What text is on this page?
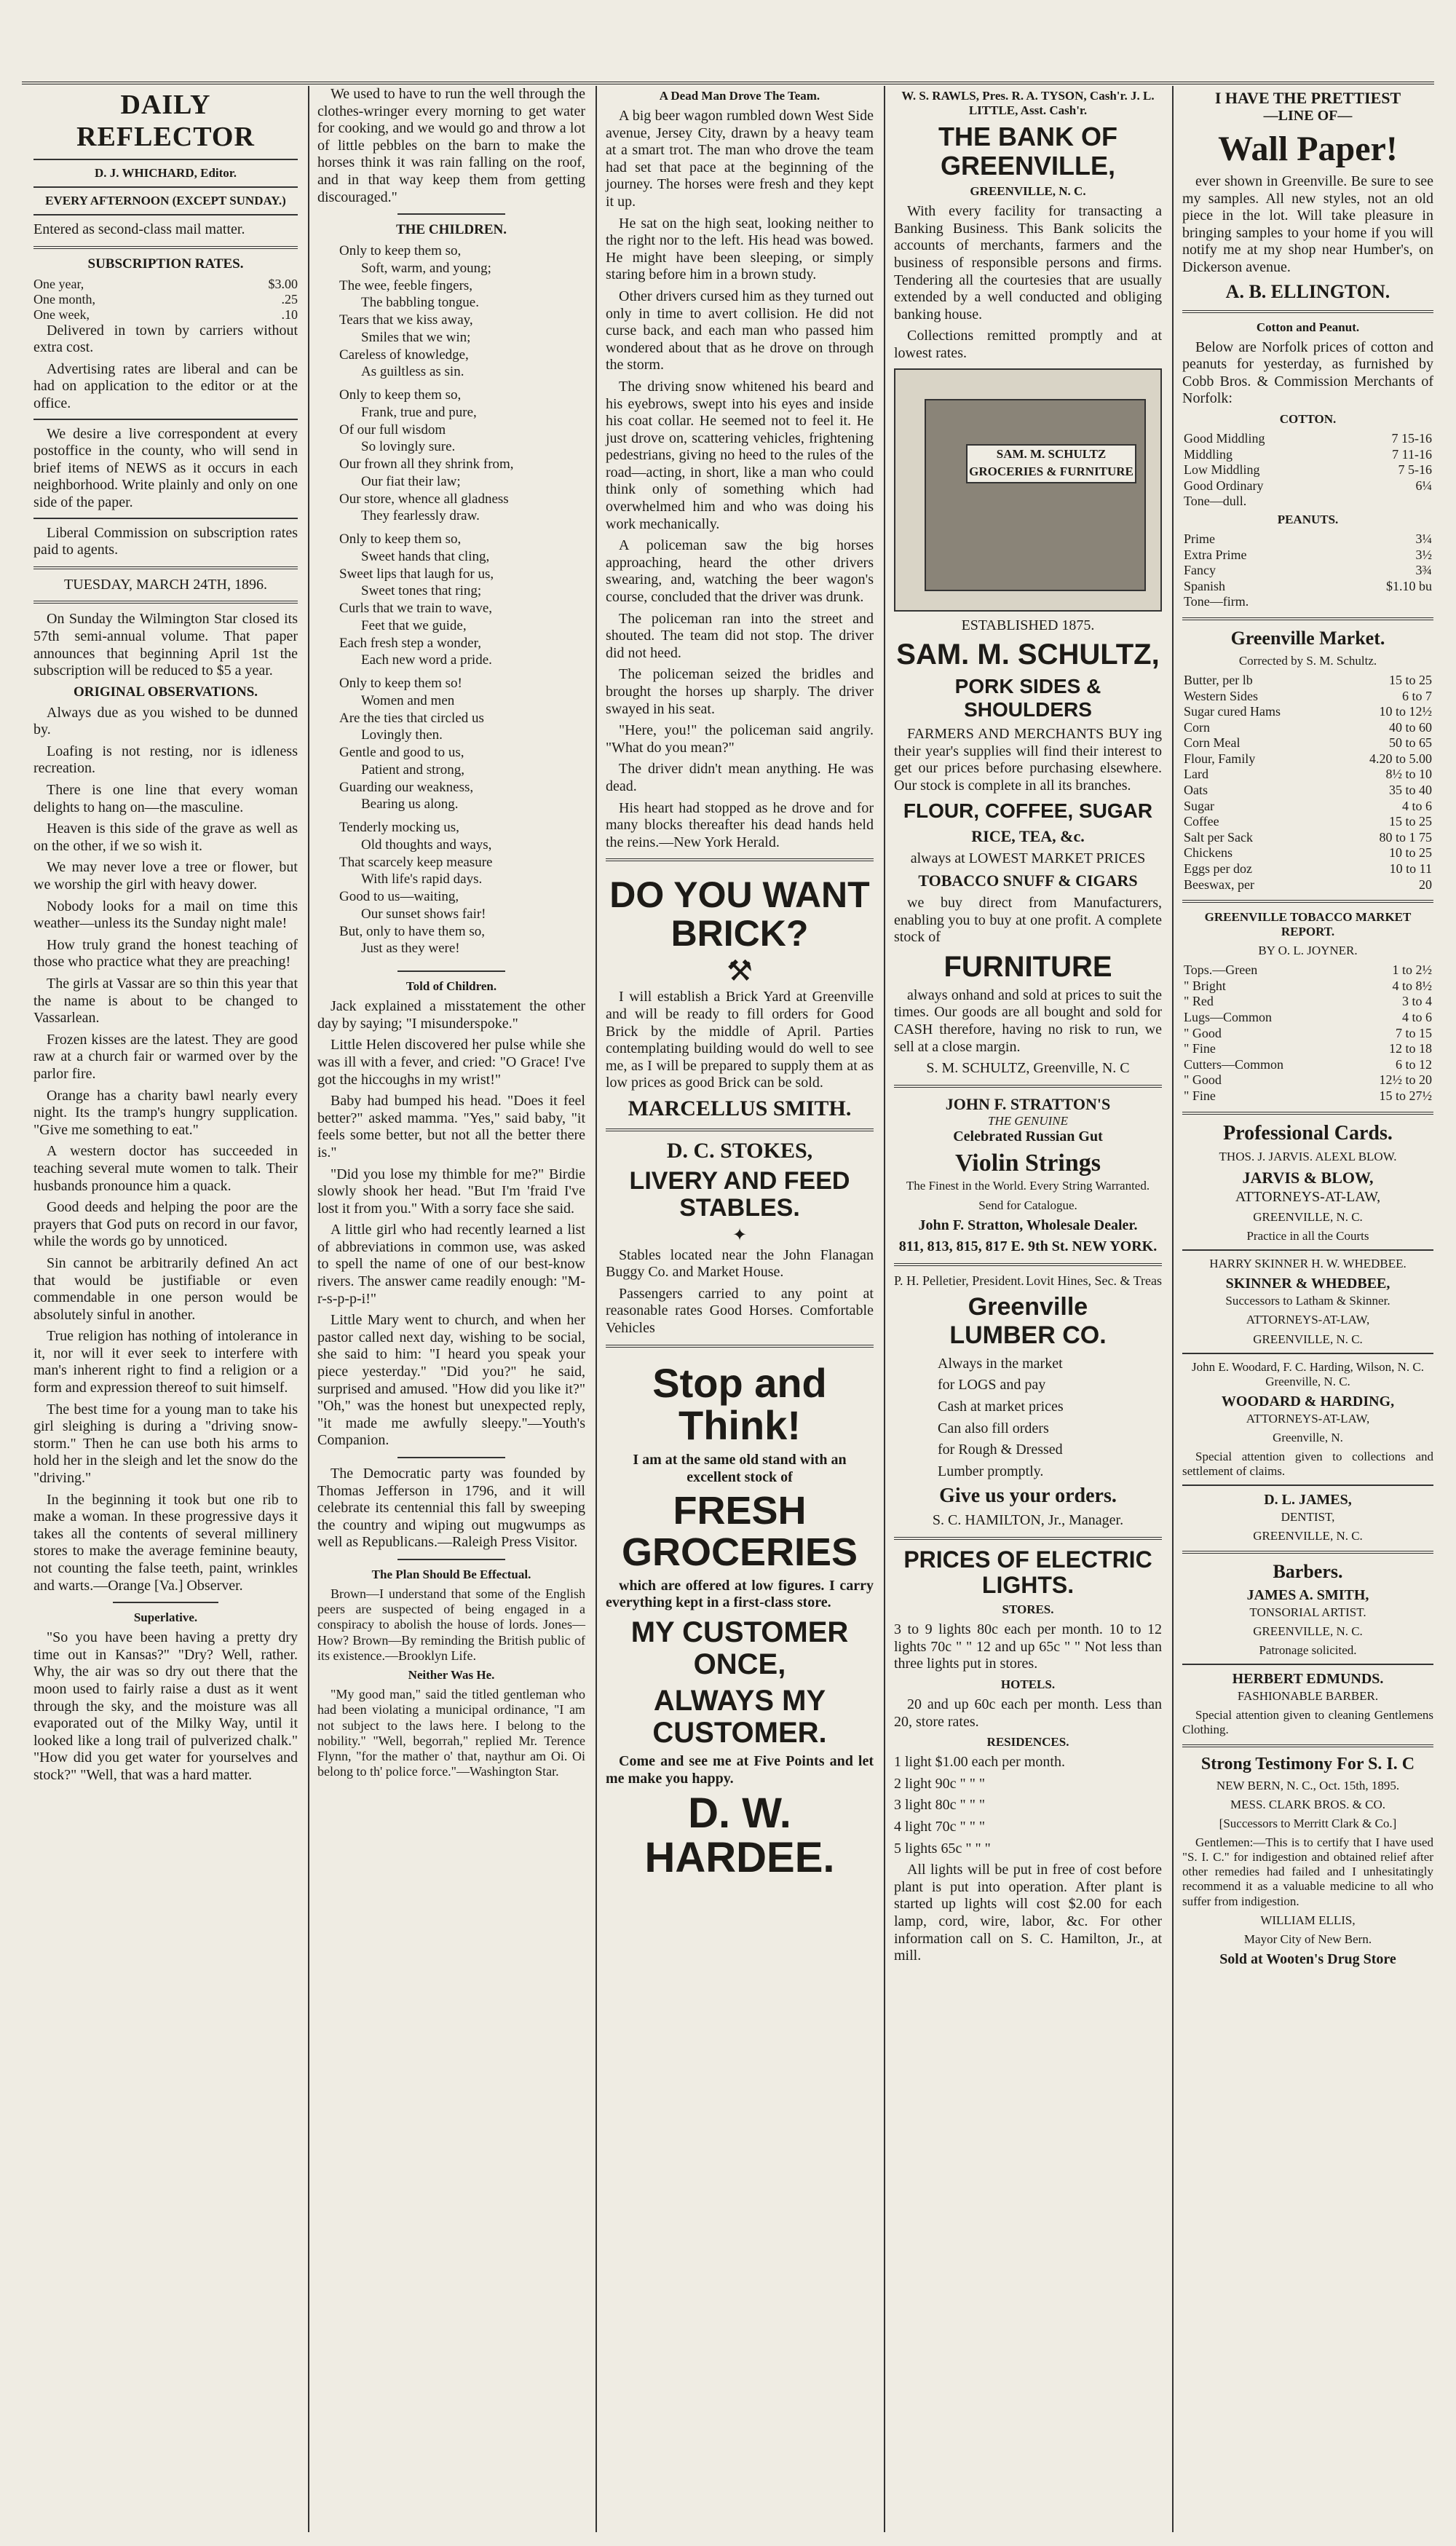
DAILY REFLECTOR
D. J. WHICHARD, Editor.
EVERY AFTERNOON (EXCEPT SUNDAY.)

Entered as second-class mail matter.

SUBSCRIPTION RATES.
One year,	$3.00
One month,	.25
One week,	.10

Delivered in town by carriers without extra cost.

Advertising rates are liberal and can be had on application to the editor or at the office.

We desire a live correspondent at every postoffice in the county, who will send in brief items of NEWS as it occurs in each neighborhood. Write plainly and only on one side of the paper.

Liberal Commission on subscription rates paid to agents.

TUESDAY, MARCH 24TH, 1896.

On Sunday the Wilmington Star closed its 57th semi-annual volume. That paper announces that beginning April 1st the subscription will be reduced to $5 a year.

ORIGINAL OBSERVATIONS.

Always due as you wished to be dunned by.

Loafing is not resting, nor is idleness recreation.

There is one line that every woman delights to hang on—the masculine.

Heaven is this side of the grave as well as on the other, if we so wish it.

We may never love a tree or flower, but we worship the girl with heavy dower.

Nobody looks for a mail on time this weather—unless its the Sunday night male!

How truly grand the honest teaching of those who practice what they are preaching!

The girls at Vassar are so thin this year that the name is about to be changed to Vassarlean.

Frozen kisses are the latest. They are good raw at a church fair or warmed over by the parlor fire.

Orange has a charity bawl nearly every night. Its the tramp's hungry supplication. "Give me something to eat."

A western doctor has succeeded in teaching several mute women to talk. Their husbands pronounce him a quack.

Good deeds and helping the poor are the prayers that God puts on record in our favor, while the words go by unnoticed.

Sin cannot be arbitrarily defined An act that would be justifiable or even commendable in one person would be absolutely sinful in another.

True religion has nothing of intolerance in it, nor will it ever seek to interfere with man's inherent right to find a religion or a form and expression thereof to suit himself.

The best time for a young man to take his girl sleighing is during a "driving snow-storm." Then he can use both his arms to hold her in the sleigh and let the snow do the "driving."

In the beginning it took but one rib to make a woman. In these progressive days it takes all the contents of several millinery stores to make the average feminine beauty, not counting the false teeth, paint, wrinkles and warts.—Orange [Va.] Observer.

Superlative.

"So you have been having a pretty dry time out in Kansas?" "Dry? Well, rather. Why, the air was so dry out there that the moon used to fairly raise a dust as it went through the sky, and the moisture was all evaporated out of the Milky Way, until it looked like a long trail of pulverized chalk." "How did you get water for yourselves and stock?" "Well, that was a hard matter.

We used to have to run the well through the clothes-wringer every morning to get water for cooking, and we would go and throw a lot of little pebbles on the barn to make the horses think it was rain falling on the roof, and in that way keep them from getting discouraged."

THE CHILDREN.
Only to keep them so,
Soft, warm, and young;
The wee, feeble fingers,
The babbling tongue.
Tears that we kiss away,
Smiles that we win;
Careless of knowledge,
As guiltless as sin.
Only to keep them so,
Frank, true and pure,
Of our full wisdom
So lovingly sure.
Our frown all they shrink from,
Our fiat their law;
Our store, whence all gladness
They fearlessly draw.
Only to keep them so,
Sweet hands that cling,
Sweet lips that laugh for us,
Sweet tones that ring;
Curls that we train to wave,
Feet that we guide,
Each fresh step a wonder,
Each new word a pride.
Only to keep them so!
Women and men
Are the ties that circled us
Lovingly then.
Gentle and good to us,
Patient and strong,
Guarding our weakness,
Bearing us along.
Tenderly mocking us,
Old thoughts and ways,
That scarcely keep measure
With life's rapid days.
Good to us—waiting,
Our sunset shows fair!
But, only to have them so,
Just as they were!
Told of Children.

Jack explained a misstatement the other day by saying; "I misunderspoke."

Little Helen discovered her pulse while she was ill with a fever, and cried: "O Grace! I've got the hiccoughs in my wrist!"

Baby had bumped his head. "Does it feel better?" asked mamma. "Yes," said baby, "it feels some better, but not all the better there is."

"Did you lose my thimble for me?" Birdie slowly shook her head. "But I'm 'fraid I've lost it from you." With a sorry face she said.

A little girl who had recently learned a list of abbreviations in common use, was asked to spell the name of one of our best-know rivers. The answer came readily enough: "M-r-s-p-p-i!"

Little Mary went to church, and when her pastor called next day, wishing to be social, she said to him: "I heard you speak your piece yesterday." "Did you?" he said, surprised and amused. "How did you like it?" "Oh," was the honest but unexpected reply, "it made me awfully sleepy."—Youth's Companion.

The Democratic party was founded by Thomas Jefferson in 1796, and it will celebrate its centennial this fall by sweeping the country and wiping out mugwumps as well as Republicans.—Raleigh Press Visitor.

The Plan Should Be Effectual.

Brown—I understand that some of the English peers are suspected of being engaged in a conspiracy to abolish the house of lords. Jones—How? Brown—By reminding the British public of its existence.—Brooklyn Life.

Neither Was He.

"My good man," said the titled gentleman who had been violating a municipal ordinance, "I am not subject to the laws here. I belong to the nobility." "Well, begorrah," replied Mr. Terence Flynn, "for the mather o' that, naythur am Oi. Oi belong to th' police force."—Washington Star.

A Dead Man Drove The Team.

A big beer wagon rumbled down West Side avenue, Jersey City, drawn by a heavy team at a smart trot. The man who drove the team had set that pace at the beginning of the journey. The horses were fresh and they kept it up.

He sat on the high seat, looking neither to the right nor to the left. His head was bowed. He might have been sleeping, or simply staring before him in a brown study.

Other drivers cursed him as they turned out only in time to avert collision. He did not curse back, and each man who passed him wondered about that as he drove on through the storm.

The driving snow whitened his beard and his eyebrows, swept into his eyes and inside his coat collar. He seemed not to feel it. He just drove on, scattering vehicles, frightening pedestrians, giving no heed to the rules of the road—acting, in short, like a man who could think only of something which had overwhelmed him and who was doing his work mechanically.

A policeman saw the big horses approaching, heard the other drivers swearing, and, watching the beer wagon's course, concluded that the driver was drunk.

The policeman ran into the street and shouted. The team did not stop. The driver did not heed.

The policeman seized the bridles and brought the horses up sharply. The driver swayed in his seat.

"Here, you!" the policeman said angrily. "What do you mean?"

The driver didn't mean anything. He was dead.

His heart had stopped as he drove and for many blocks thereafter his dead hands held the reins.—New York Herald.

DO YOU WANT BRICK?
⚒

I will establish a Brick Yard at Greenville and will be ready to fill orders for Good Brick by the middle of April. Parties contemplating building would do well to see me, as I will be prepared to supply them at as low prices as good Brick can be sold.

MARCELLUS SMITH.
D. C. STOKES,
LIVERY AND FEED STABLES.
✦

Stables located near the John Flanagan Buggy Co. and Market House.

Passengers carried to any point at reasonable rates Good Horses. Comfortable Vehicles

Stop and Think!

I am at the same old stand with an excellent stock of

FRESH GROCERIES

which are offered at low figures. I carry everything kept in a first-class store.

MY CUSTOMER ONCE,
ALWAYS MY CUSTOMER.

Come and see me at Five Points and let me make you happy.

D. W. HARDEE.
W. S. RAWLS, Pres. R. A. TYSON, Cash'r. J. L. LITTLE, Asst. Cash'r.
THE BANK OF GREENVILLE,
GREENVILLE, N. C.

With every facility for transacting a Banking Business. This Bank solicits the accounts of merchants, farmers and the business of responsible persons and firms. Tendering all the courtesies that are usually extended by a well conducted and obliging banking house.

Collections remitted promptly and at lowest rates.

SAM. M. SCHULTZ GROCERIES & FURNITURE

ESTABLISHED 1875.

SAM. M. SCHULTZ,
PORK SIDES & SHOULDERS

FARMERS AND MERCHANTS BUY ing their year's supplies will find their interest to get our prices before purchasing elsewhere. Our stock is complete in all its branches.

FLOUR, COFFEE, SUGAR
RICE, TEA, &c.

always at LOWEST MARKET PRICES

TOBACCO SNUFF & CIGARS

we buy direct from Manufacturers, enabling you to buy at one profit. A complete stock of

FURNITURE

always onhand and sold at prices to suit the times. Our goods are all bought and sold for CASH therefore, having no risk to run, we sell at a close margin.

S. M. SCHULTZ, Greenville, N. C

JOHN F. STRATTON'S

THE GENUINE

Celebrated Russian Gut

Violin Strings

The Finest in the World. Every String Warranted.

Send for Catalogue.

John F. Stratton, Wholesale Dealer.

811, 813, 815, 817 E. 9th St. NEW YORK.

P. H. Pelletier, President. Lovit Hines, Sec. & Treas
Greenville
LUMBER CO.

Always in the market

for LOGS and pay

Cash at market prices

Can also fill orders

for Rough & Dressed

Lumber promptly.

Give us your orders.

S. C. HAMILTON, Jr., Manager.

PRICES OF ELECTRIC LIGHTS.
STORES.

3 to 9 lights 80c each per month. 10 to 12 lights 70c " " 12 and up 65c " " Not less than three lights put in stores.

HOTELS.

20 and up 60c each per month. Less than 20, store rates.

RESIDENCES.

1 light $1.00 each per month.

2 light 90c " " "

3 light 80c " " "

4 light 70c " " "

5 lights 65c " " "

All lights will be put in free of cost before plant is put into operation. After plant is started up lights will cost $2.00 for each lamp, cord, wire, labor, &c. For other information call on S. C. Hamilton, Jr., at mill.

I HAVE THE PRETTIEST
—LINE OF—
Wall Paper!

ever shown in Greenville. Be sure to see my samples. All new styles, not an old piece in the lot. Will take pleasure in bringing samples to your home if you will notify me at my shop near Humber's, on Dickerson avenue.

A. B. ELLINGTON.
Cotton and Peanut.

Below are Norfolk prices of cotton and peanuts for yesterday, as furnished by Cobb Bros. & Commission Merchants of Norfolk:

COTTON.
Good Middling	7 15-16
Middling	7 11-16
Low Middling	7 5-16
Good Ordinary	6¼
Tone—dull.	
PEANUTS.
Prime	3¼
Extra Prime	3½
Fancy	3¾
Spanish	$1.10 bu
Tone—firm.	
Greenville Market.

Corrected by S. M. Schultz.

Butter, per lb	15 to 25
Western Sides	6 to 7
Sugar cured Hams	10 to 12½
Corn	40 to 60
Corn Meal	50 to 65
Flour, Family	4.20 to 5.00
Lard	8½ to 10
Oats	35 to 40
Sugar	4 to 6
Coffee	15 to 25
Salt per Sack	80 to 1 75
Chickens	10 to 25
Eggs per doz	10 to 11
Beeswax, per	20
GREENVILLE TOBACCO MARKET REPORT.

BY O. L. JOYNER.

Tops.—Green	1 to 2½
" Bright	4 to 8½
" Red	3 to 4
Lugs—Common	4 to 6
" Good	7 to 15
" Fine	12 to 18
Cutters—Common	6 to 12
" Good	12½ to 20
" Fine	15 to 27½
Professional Cards.

THOS. J. JARVIS. ALEXL BLOW.

JARVIS & BLOW,

ATTORNEYS-AT-LAW,

GREENVILLE, N. C.

Practice in all the Courts

HARRY SKINNER H. W. WHEDBEE.

SKINNER & WHEDBEE,

Successors to Latham & Skinner.

ATTORNEYS-AT-LAW,

GREENVILLE, N. C.

John E. Woodard, F. C. Harding, Wilson, N. C. Greenville, N. C.

WOODARD & HARDING,

ATTORNEYS-AT-LAW,

Greenville, N.

Special attention given to collections and settlement of claims.

D. L. JAMES,

DENTIST,

GREENVILLE, N. C.

Barbers.
JAMES A. SMITH,

TONSORIAL ARTIST.

GREENVILLE, N. C.

Patronage solicited.

HERBERT EDMUNDS.

FASHIONABLE BARBER.

Special attention given to cleaning Gentlemens Clothing.

Strong Testimony For S. I. C

NEW BERN, N. C., Oct. 15th, 1895.

MESS. CLARK BROS. & CO.

[Successors to Merritt Clark & Co.]

Gentlemen:—This is to certify that I have used "S. I. C." for indigestion and obtained relief after other remedies had failed and I unhesitatingly recommend it as a valuable medicine to all who suffer from indigestion.

WILLIAM ELLIS,

Mayor City of New Bern.

Sold at Wooten's Drug Store
